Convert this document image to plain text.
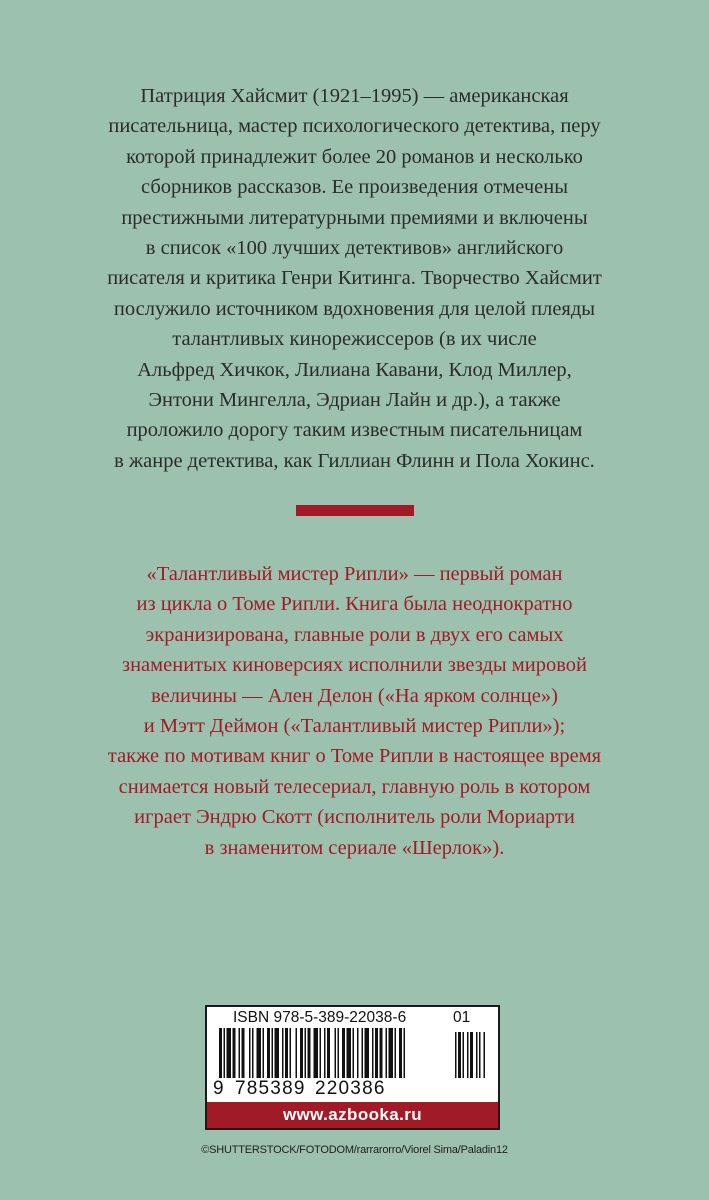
Патриция Хайсмит (1921–1995) — американская
писательница, мастер психологического детектива, перу
которой принадлежит более 20 романов и несколько
сборников рассказов. Ее произведения отмечены
престижными литературными премиями и включены
в список «100 лучших детективов» английского
писателя и критика Генри Китинга. Творчество Хайсмит
послужило источником вдохновения для целой плеяды
талантливых кинорежиссеров (в их числе
Альфред Хичкок, Лилиана Кавани, Клод Миллер,
Энтони Мингелла, Эдриан Лайн и др.), а также
проложило дорогу таким известным писательницам
в жанре детектива, как Гиллиан Флинн и Пола Хокинс.

«Талантливый мистер Рипли» — первый роман
из цикла о Томе Рипли. Книга была неоднократно
экранизирована, главные роли в двух его самых
знаменитых киноверсиях исполнили звезды мировой
величины — Ален Делон («На ярком солнце»)
и Мэтт Деймон («Талантливый мистер Рипли»);
также по мотивам книг о Томе Рипли в настоящее время
снимается новый телесериал, главную роль в котором
играет Эндрю Скотт (исполнитель роли Мориарти
в знаменитом сериале «Шерлок»).

ISBN 978-5-389-22038-6	01
9 785389 220386
www.azbooka.ru
©SHUTTERSTOCK/FOTODOM/rarrarorro/Viorel Sima/Paladin12
